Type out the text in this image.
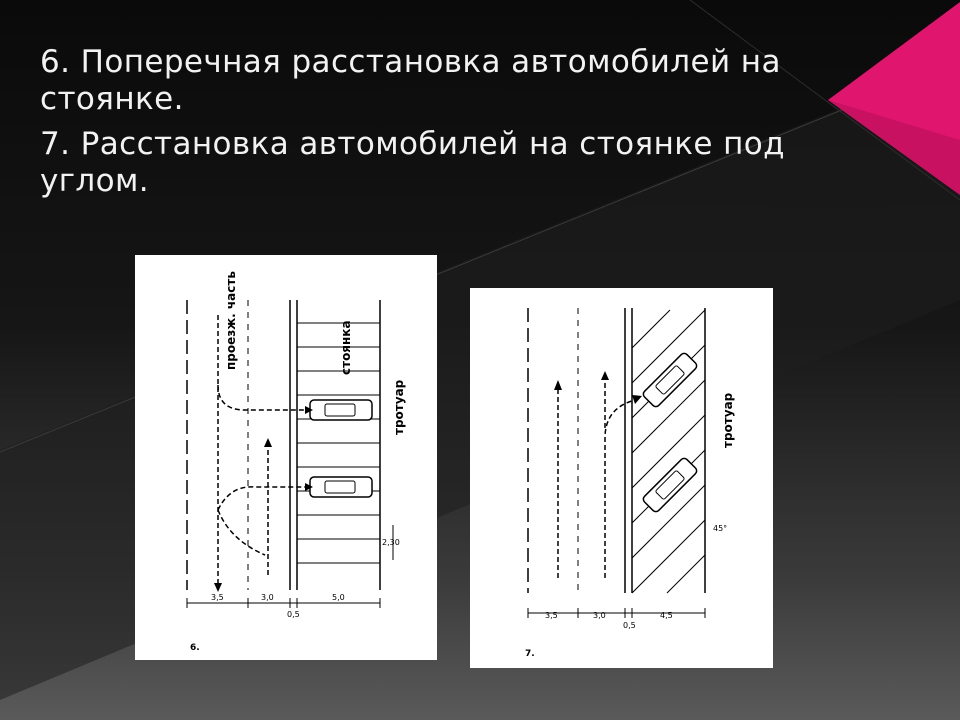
6. Поперечная расстановка автомобилей на стоянке.

7. Расстановка автомобилей на стоянке под углом.

проезж. часть	стоянка
тротуар
2,30
3,5	3,0	5,0
0,5
6.
тротуар
45°
3,5	3,0	4,5
0,5
7.
